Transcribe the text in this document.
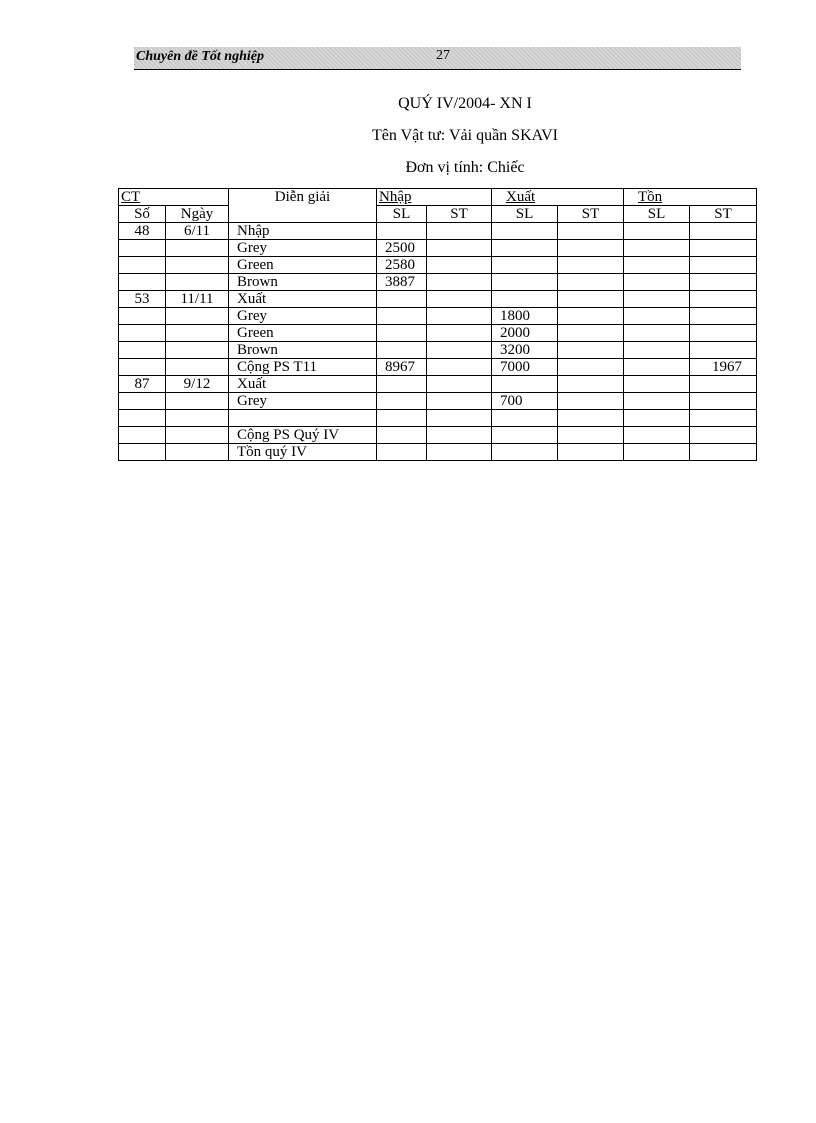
Chuyên đề Tốt nghiệp	27
QUÝ IV/2004- XN I
Tên Vật tư: Vải quần SKAVI
Đơn vị tính: Chiếc
CT		Diễn giải	Nhập		Xuất		Tồn	
Số	Ngày		SL	ST	SL	ST	SL	ST
48	6/11	Nhập						
		Grey	2500					
		Green	2580					
		Brown	3887					
53	11/11	Xuất						
		Grey			1800			
		Green			2000			
		Brown			3200			
		Cộng PS T11	8967		7000			1967
87	9/12	Xuất						
		Grey			700			

		Cộng PS Quý IV						
		Tồn quý IV						
